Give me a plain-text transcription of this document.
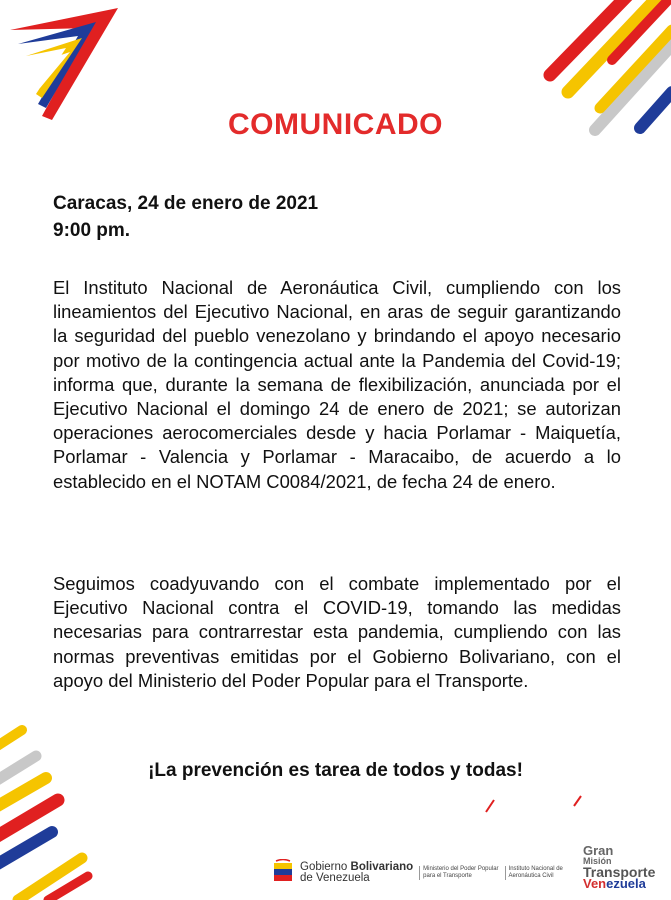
COMUNICADO
Caracas, 24 de enero de 2021
9:00 pm.
El Instituto Nacional de Aeronáutica Civil, cumpliendo con los lineamientos del Ejecutivo Nacional, en aras de seguir garantizando la seguridad del pueblo venezolano y brindando el apoyo necesario por motivo de la contingencia actual ante la Pandemia del Covid-19; informa que, durante la semana de flexibilización, anunciada por el Ejecutivo Nacional el domingo 24 de enero de 2021; se autorizan operaciones aerocomerciales desde y hacia Porlamar - Maiquetía, Porlamar - Valencia y Porlamar - Maracaibo, de acuerdo a lo establecido en el NOTAM C0084/2021, de fecha 24 de enero.
Seguimos coadyuvando con el combate implementado por el Ejecutivo Nacional contra el COVID-19, tomando las medidas necesarias para contrarrestar esta pandemia, cumpliendo con las normas preventivas emitidas por el Gobierno Bolivariano, con el apoyo del Ministerio del Poder Popular para el Transporte.
¡La prevención es tarea de todos y todas!
Gobierno Bolivariano
de Venezuela
Ministerio del Poder Popular
para el Transporte
Instituto Nacional de
Aeronáutica Civil
Gran
Misión
Transporte
Venezuela
